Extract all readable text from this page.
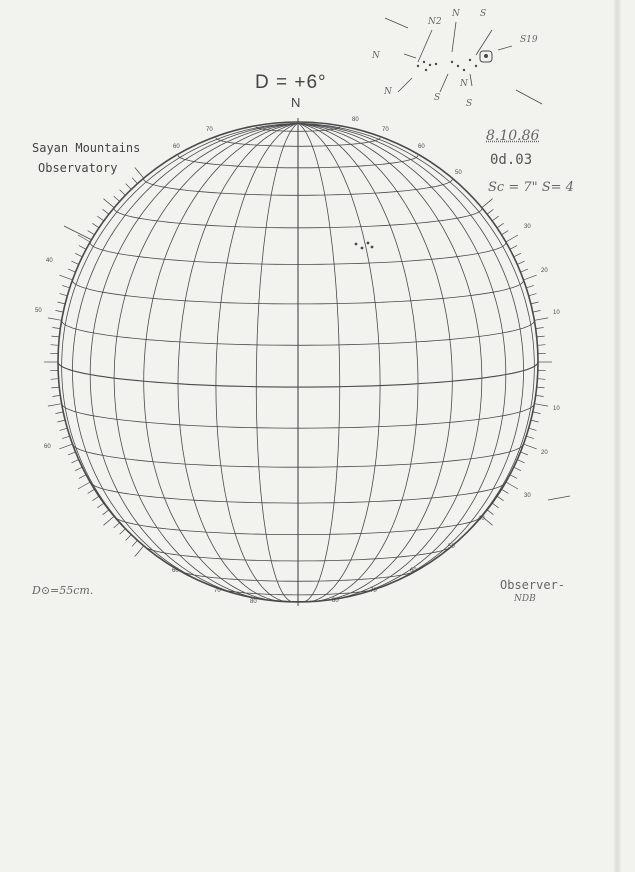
80
70
60
50
60
70
30
20
10
10
20
30
40
50
60
40
50
60
70
80
80
70
60
N2
N S
S19
N
N
S
N
S
Sayan Mountains
Observatory
D = +6°
N
8.10.86
0d.03
Sc = 7" S= 4
D⊙=55cm.	Observer-
NDB
